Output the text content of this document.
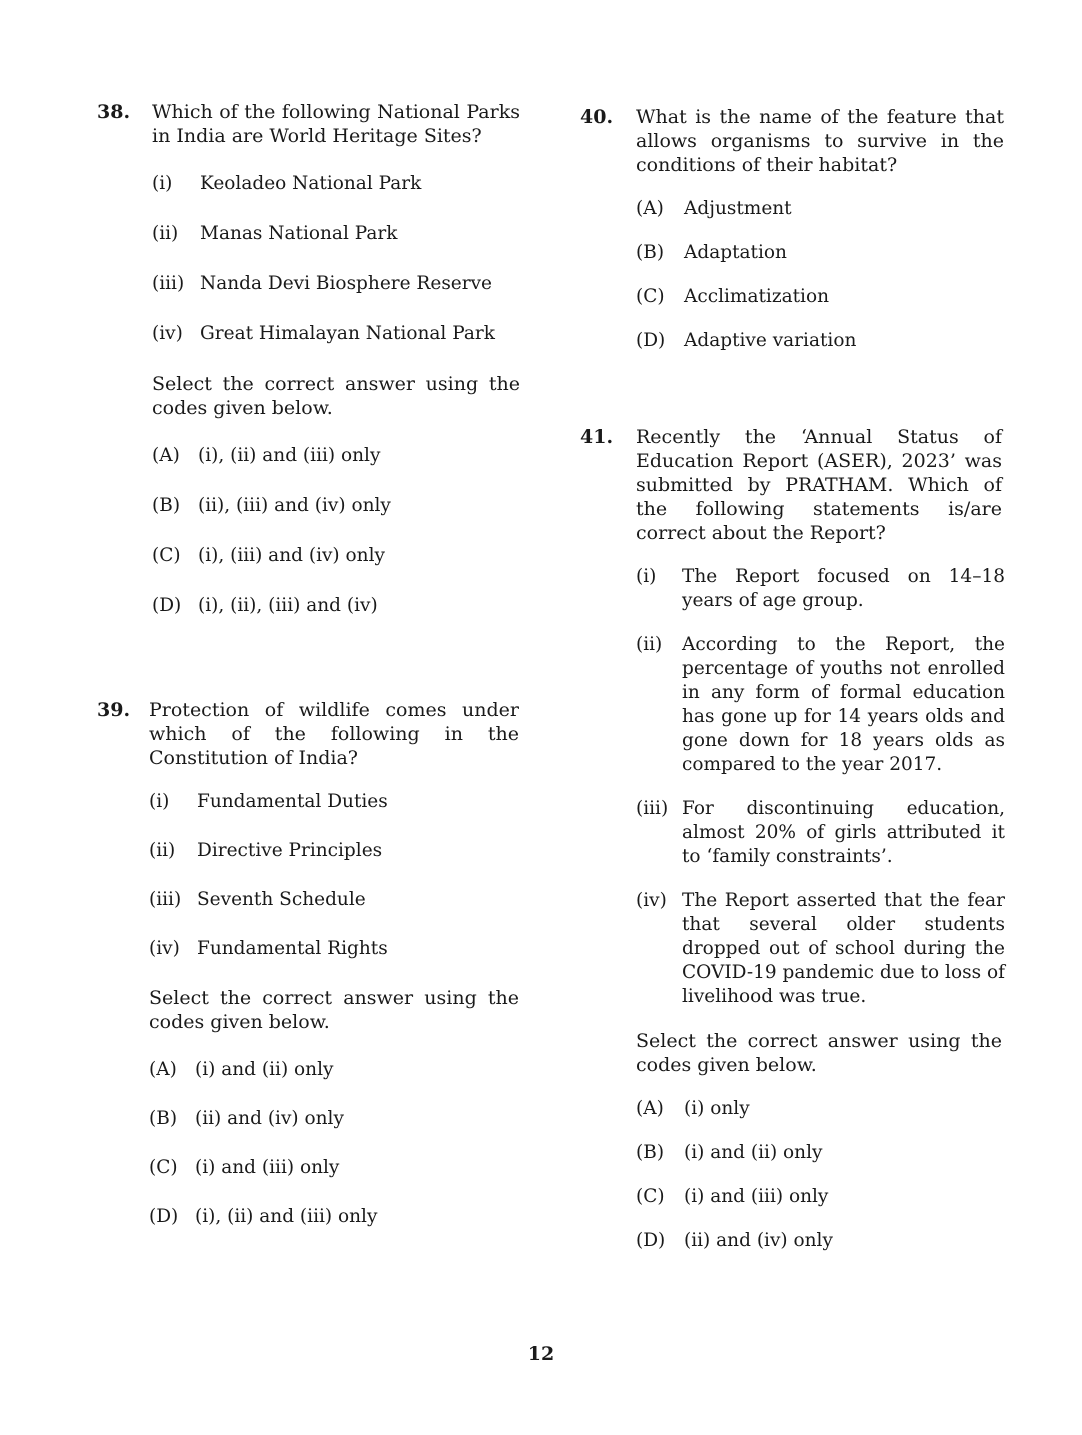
38.	Which of the following National Parks in India are World Heritage Sites?
(i)	Keoladeo National Park
(ii)	Manas National Park
(iii) Nanda Devi Biosphere Reserve
(iv) Great Himalayan National Park
Select the correct answer using the codes given below.
(A) (i), (ii) and (iii) only
(B) (ii), (iii) and (iv) only
(C) (i), (iii) and (iv) only
(D) (i), (ii), (iii) and (iv)
39. Protection of wildlife comes under which of the following in the Constitution of India?
(i)	Fundamental Duties
(ii)	Directive Principles
(iii) Seventh Schedule
(iv) Fundamental Rights
Select the correct answer using the codes given below.
(A) (i) and (ii) only
(B) (ii) and (iv) only
(C) (i) and (iii) only
(D) (i), (ii) and (iii) only
40.	What is the name of the feature that allows organisms to survive in the conditions of their habitat?
(A)	Adjustment
(B)	Adaptation
(C)	Acclimatization
(D)	Adaptive variation
41.	Recently the ‘Annual Status of Education Report (ASER), 2023’ was submitted by PRATHAM. Which of the following statements is/are correct about the Report?
(i)	The Report focused on 14–18 years of age group.
(ii)	According to the Report, the percentage of youths not enrolled in any form of formal education has gone up for 14 years olds and gone down for 18 years olds as compared to the year 2017.
(iii) For discontinuing education, almost 20% of girls attributed it to ‘family constraints’.
(iv) The Report asserted that the fear that several older students dropped out of school during the COVID-19 pandemic due to loss of livelihood was true.
Select the correct answer using the codes given below.
(A)	(i) only
(B)	(i) and (ii) only
(C)	(i) and (iii) only
(D)	(ii) and (iv) only
12
